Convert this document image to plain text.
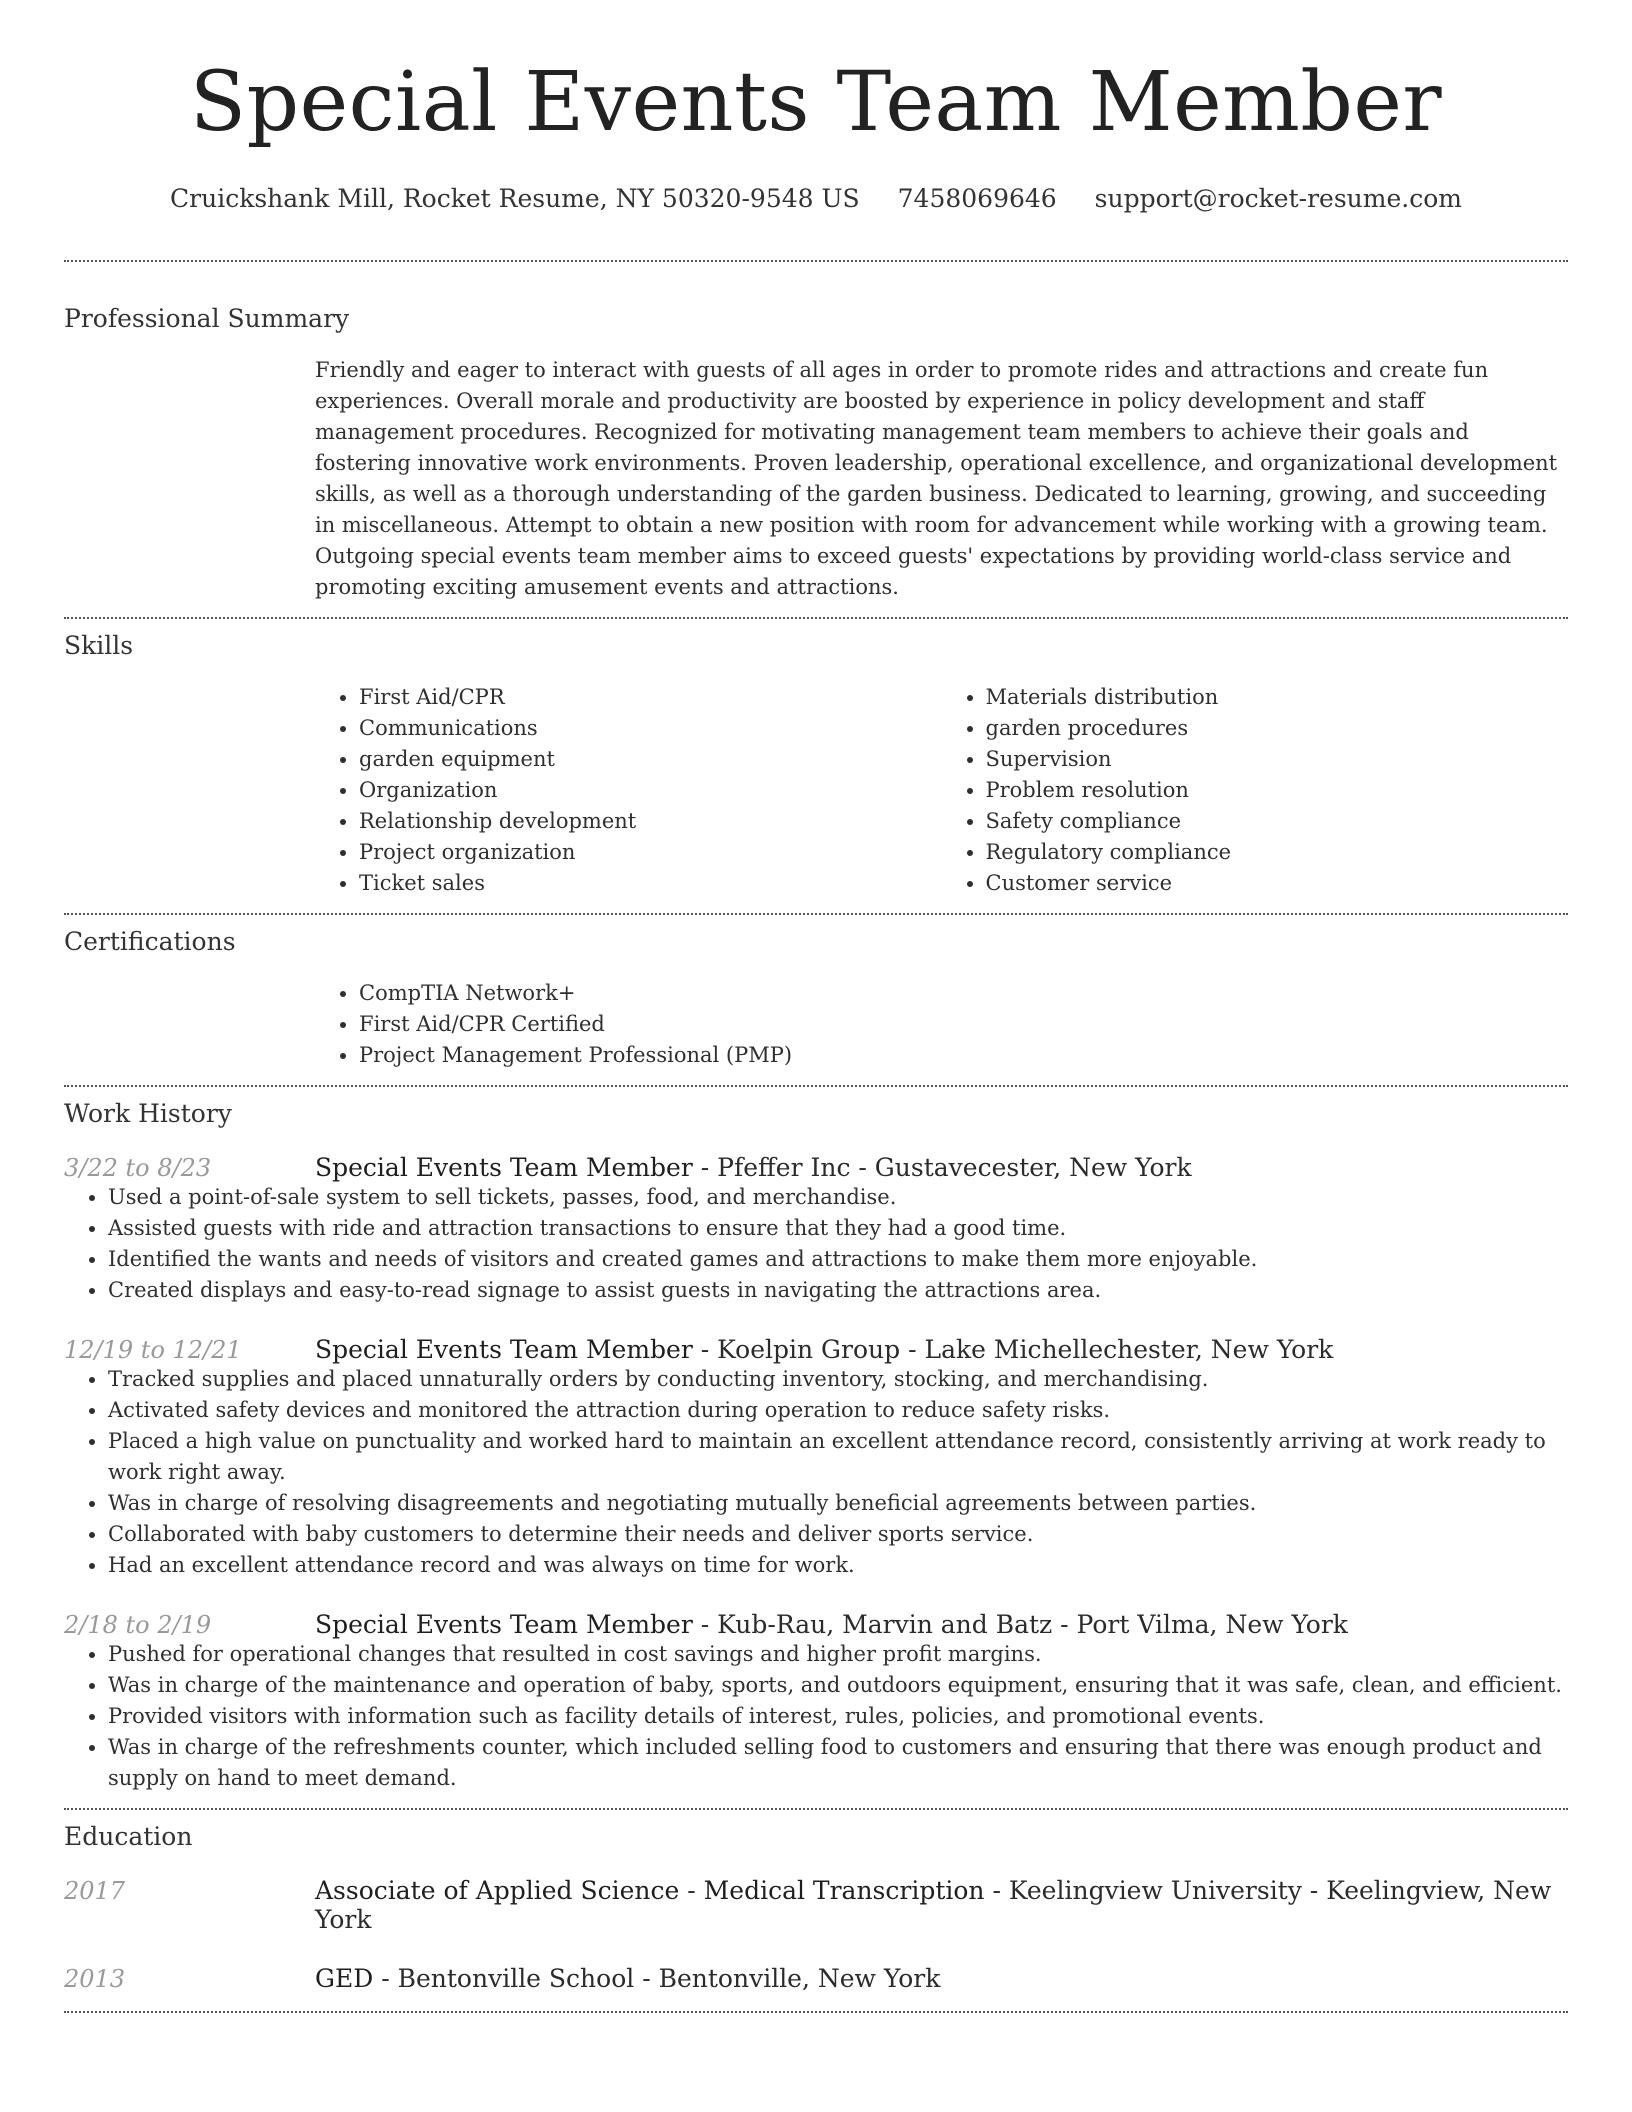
Special Events Team Member
Cruickshank Mill, Rocket Resume, NY 50320-9548 US 7458069646 support@rocket-resume.com
Professional Summary

Friendly and eager to interact with guests of all ages in order to promote rides and attractions and create fun experiences. Overall morale and productivity are boosted by experience in policy development and staff management procedures. Recognized for motivating management team members to achieve their goals and fostering innovative work environments. Proven leadership, operational excellence, and organizational development skills, as well as a thorough understanding of the garden business. Dedicated to learning, growing, and succeeding in miscellaneous. Attempt to obtain a new position with room for advancement while working with a growing team. Outgoing special events team member aims to exceed guests' expectations by providing world-class service and promoting exciting amusement events and attractions.

Skills
• First Aid/CPR
• Communications
• garden equipment
• Organization
• Relationship development
• Project organization
• Ticket sales
• Materials distribution
• garden procedures
• Supervision
• Problem resolution
• Safety compliance
• Regulatory compliance
• Customer service
Certifications
• CompTIA Network+
• First Aid/CPR Certified
• Project Management Professional (PMP)
Work History
3/22 to 8/23	Special Events Team Member - Pfeffer Inc - Gustavecester, New York
• Used a point-of-sale system to sell tickets, passes, food, and merchandise.
• Assisted guests with ride and attraction transactions to ensure that they had a good time.
• Identified the wants and needs of visitors and created games and attractions to make them more enjoyable.
• Created displays and easy-to-read signage to assist guests in navigating the attractions area.
12/19 to 12/21	Special Events Team Member - Koelpin Group - Lake Michellechester, New York
• Tracked supplies and placed unnaturally orders by conducting inventory, stocking, and merchandising.
• Activated safety devices and monitored the attraction during operation to reduce safety risks.
• Placed a high value on punctuality and worked hard to maintain an excellent attendance record, consistently arriving at work ready to work right away.
• Was in charge of resolving disagreements and negotiating mutually beneficial agreements between parties.
• Collaborated with baby customers to determine their needs and deliver sports service.
• Had an excellent attendance record and was always on time for work.
2/18 to 2/19	Special Events Team Member - Kub-Rau, Marvin and Batz - Port Vilma, New York
• Pushed for operational changes that resulted in cost savings and higher profit margins.
• Was in charge of the maintenance and operation of baby, sports, and outdoors equipment, ensuring that it was safe, clean, and efficient.
• Provided visitors with information such as facility details of interest, rules, policies, and promotional events.
• Was in charge of the refreshments counter, which included selling food to customers and ensuring that there was enough product and supply on hand to meet demand.
Education
2017	Associate of Applied Science - Medical Transcription - Keelingview University - Keelingview, New York
2013	GED - Bentonville School - Bentonville, New York
